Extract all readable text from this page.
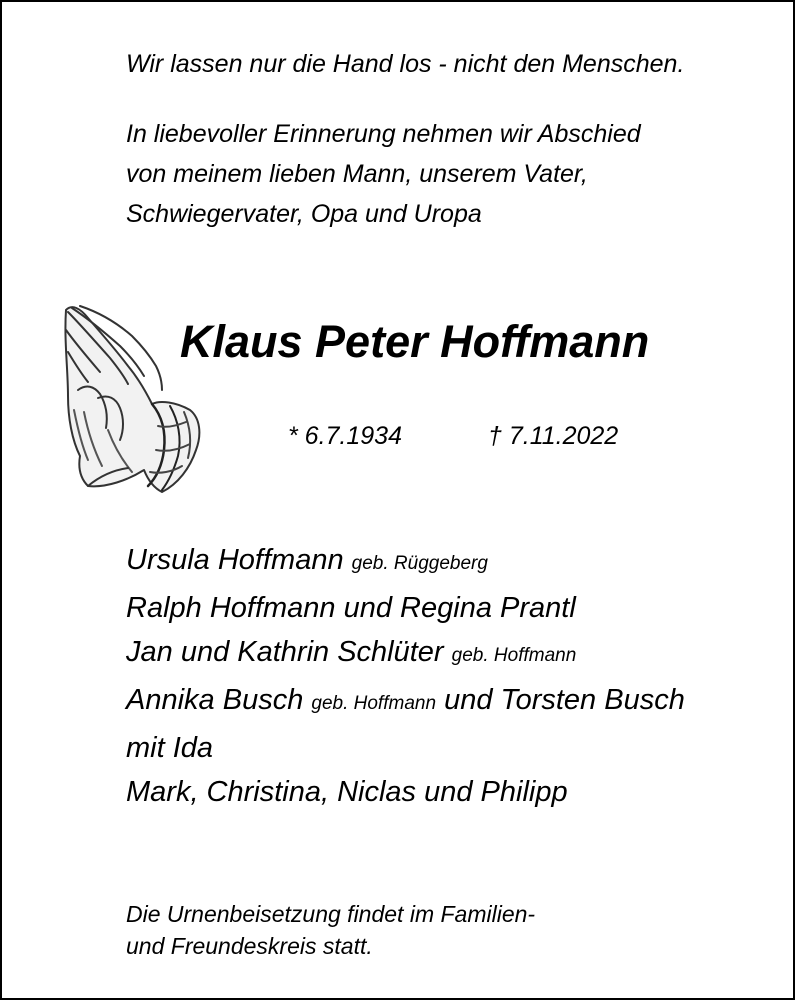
Wir lassen nur die Hand los - nicht den Menschen.
In liebevoller Erinnerung nehmen wir Abschied
von meinem lieben Mann, unserem Vater,
Schwiegervater, Opa und Uropa
Klaus Peter Hoffmann
* 6.7.1934	† 7.11.2022
Ursula Hoffmann geb. Rüggeberg
Ralph Hoffmann und Regina Prantl
Jan und Kathrin Schlüter geb. Hoffmann
Annika Busch geb. Hoffmann und Torsten Busch
mit Ida
Mark, Christina, Niclas und Philipp
Die Urnenbeisetzung findet im Familien-
und Freundeskreis statt.
